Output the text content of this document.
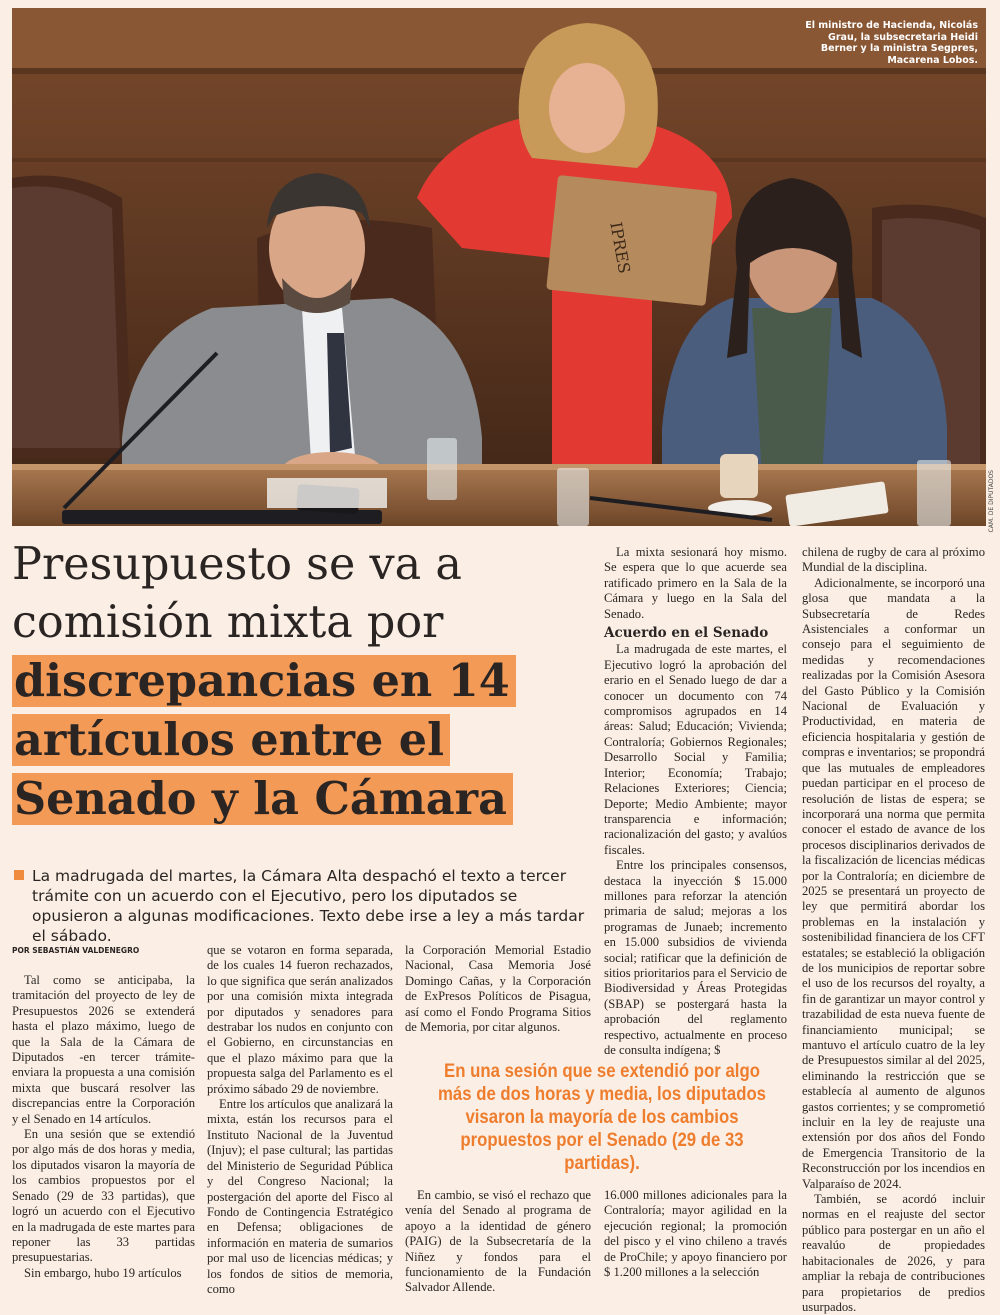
IPRES
El ministro de Hacienda, Nicolás Grau, la subsecretaria Heidi Berner y la ministra Segpres, Macarena Lobos.
CAM. DE DIPUTADOS
Presupuesto se va a
comisión mixta por
discrepancias en 14
artículos entre el
Senado y la Cámara

La madrugada del martes, la Cámara Alta despachó el texto a tercer trámite con un acuerdo con el Ejecutivo, pero los diputados se opusieron a algunas modificaciones. Texto debe irse a ley a más tardar el sábado.

POR SEBASTIÁN VALDENEGRO

Tal como se anticipaba, la tramitación del proyecto de ley de Presupuestos 2026 se extenderá hasta el plazo máximo, luego de que la Sala de la Cámara de Diputados -en tercer trámite- enviara la propuesta a una comisión mixta que buscará resolver las discrepancias entre la Corporación y el Senado en 14 artículos.

En una sesión que se extendió por algo más de dos horas y media, los diputados visaron la mayoría de los cambios propuestos por el Senado (29 de 33 partidas), que logró un acuerdo con el Ejecutivo en la madrugada de este martes para reponer las 33 partidas presupuestarias.

Sin embargo, hubo 19 artículos

que se votaron en forma separada, de los cuales 14 fueron rechazados, lo que significa que serán analizados por una comisión mixta integrada por diputados y senadores para destrabar los nudos en conjunto con el Gobierno, en circunstancias en que el plazo máximo para que la propuesta salga del Parlamento es el próximo sábado 29 de noviembre.

Entre los artículos que analizará la mixta, están los recursos para el Instituto Nacional de la Juventud (Injuv); el pase cultural; las partidas del Ministerio de Seguridad Pública y del Congreso Nacional; la postergación del aporte del Fisco al Fondo de Contingencia Estratégico en Defensa; obligaciones de información en materia de sumarios por mal uso de licencias médicas; y los fondos de sitios de memoria, como

la Corporación Memorial Estadio Nacional, Casa Memoria José Domingo Cañas, y la Corporación de ExPresos Políticos de Pisagua, así como el Fondo Programa Sitios de Memoria, por citar algunos.

La mixta sesionará hoy mismo. Se espera que lo que acuerde sea ratificado primero en la Sala de la Cámara y luego en la Sala del Senado.

Acuerdo en el Senado

La madrugada de este martes, el Ejecutivo logró la aprobación del erario en el Senado luego de dar a conocer un documento con 74 compromisos agrupados en 14 áreas: Salud; Educación; Vivienda; Contraloría; Gobiernos Regionales; Desarrollo Social y Familia; Interior; Economía; Trabajo; Relaciones Exteriores; Ciencia; Deporte; Medio Ambiente; mayor transparencia e información; racionalización del gasto; y avalúos fiscales.

Entre los principales consensos, destaca la inyección $ 15.000 millones para reforzar la atención primaria de salud; mejoras a los programas de Junaeb; incremento en 15.000 subsidios de vivienda social; ratificar que la definición de sitios prioritarios para el Servicio de Biodiversidad y Áreas Protegidas (SBAP) se postergará hasta la aprobación del reglamento respectivo, actualmente en proceso de consulta indígena; $

chilena de rugby de cara al próximo Mundial de la disciplina.

Adicionalmente, se incorporó una glosa que mandata a la Subsecretaría de Redes Asistenciales a conformar un consejo para el seguimiento de medidas y recomendaciones realizadas por la Comisión Asesora del Gasto Público y la Comisión Nacional de Evaluación y Productividad, en materia de eficiencia hospitalaria y gestión de compras e inventarios; se propondrá que las mutuales de empleadores puedan participar en el proceso de resolución de listas de espera; se incorporará una norma que permita conocer el estado de avance de los procesos disciplinarios derivados de la fiscalización de licencias médicas por la Contraloría; en diciembre de 2025 se presentará un proyecto de ley que permitirá abordar los problemas en la instalación y sostenibilidad financiera de los CFT estatales; se estableció la obligación de los municipios de reportar sobre el uso de los recursos del royalty, a fin de garantizar un mayor control y trazabilidad de esta nueva fuente de financiamiento municipal; se mantuvo el artículo cuatro de la ley de Presupuestos similar al del 2025, eliminando la restricción que se establecía al aumento de algunos gastos corrientes; y se comprometió incluir en la ley de reajuste una extensión por dos años del Fondo de Emergencia Transitorio de la Reconstrucción por los incendios en Valparaíso de 2024.

También, se acordó incluir normas en el reajuste del sector público para postergar en un año el reavalúo de propiedades habitacionales de 2026, y para ampliar la rebaja de contribuciones para propietarios de predios usurpados.

En una sesión que se extendió por algo más de dos horas y media, los diputados visaron la mayoría de los cambios propuestos por el Senado (29 de 33 partidas).

En cambio, se visó el rechazo que venía del Senado al programa de apoyo a la identidad de género (PAIG) de la Subsecretaría de la Niñez y fondos para el funcionamiento de la Fundación Salvador Allende.

16.000 millones adicionales para la Contraloría; mayor agilidad en la ejecución regional; la promoción del pisco y el vino chileno a través de ProChile; y apoyo financiero por $ 1.200 millones a la selección
